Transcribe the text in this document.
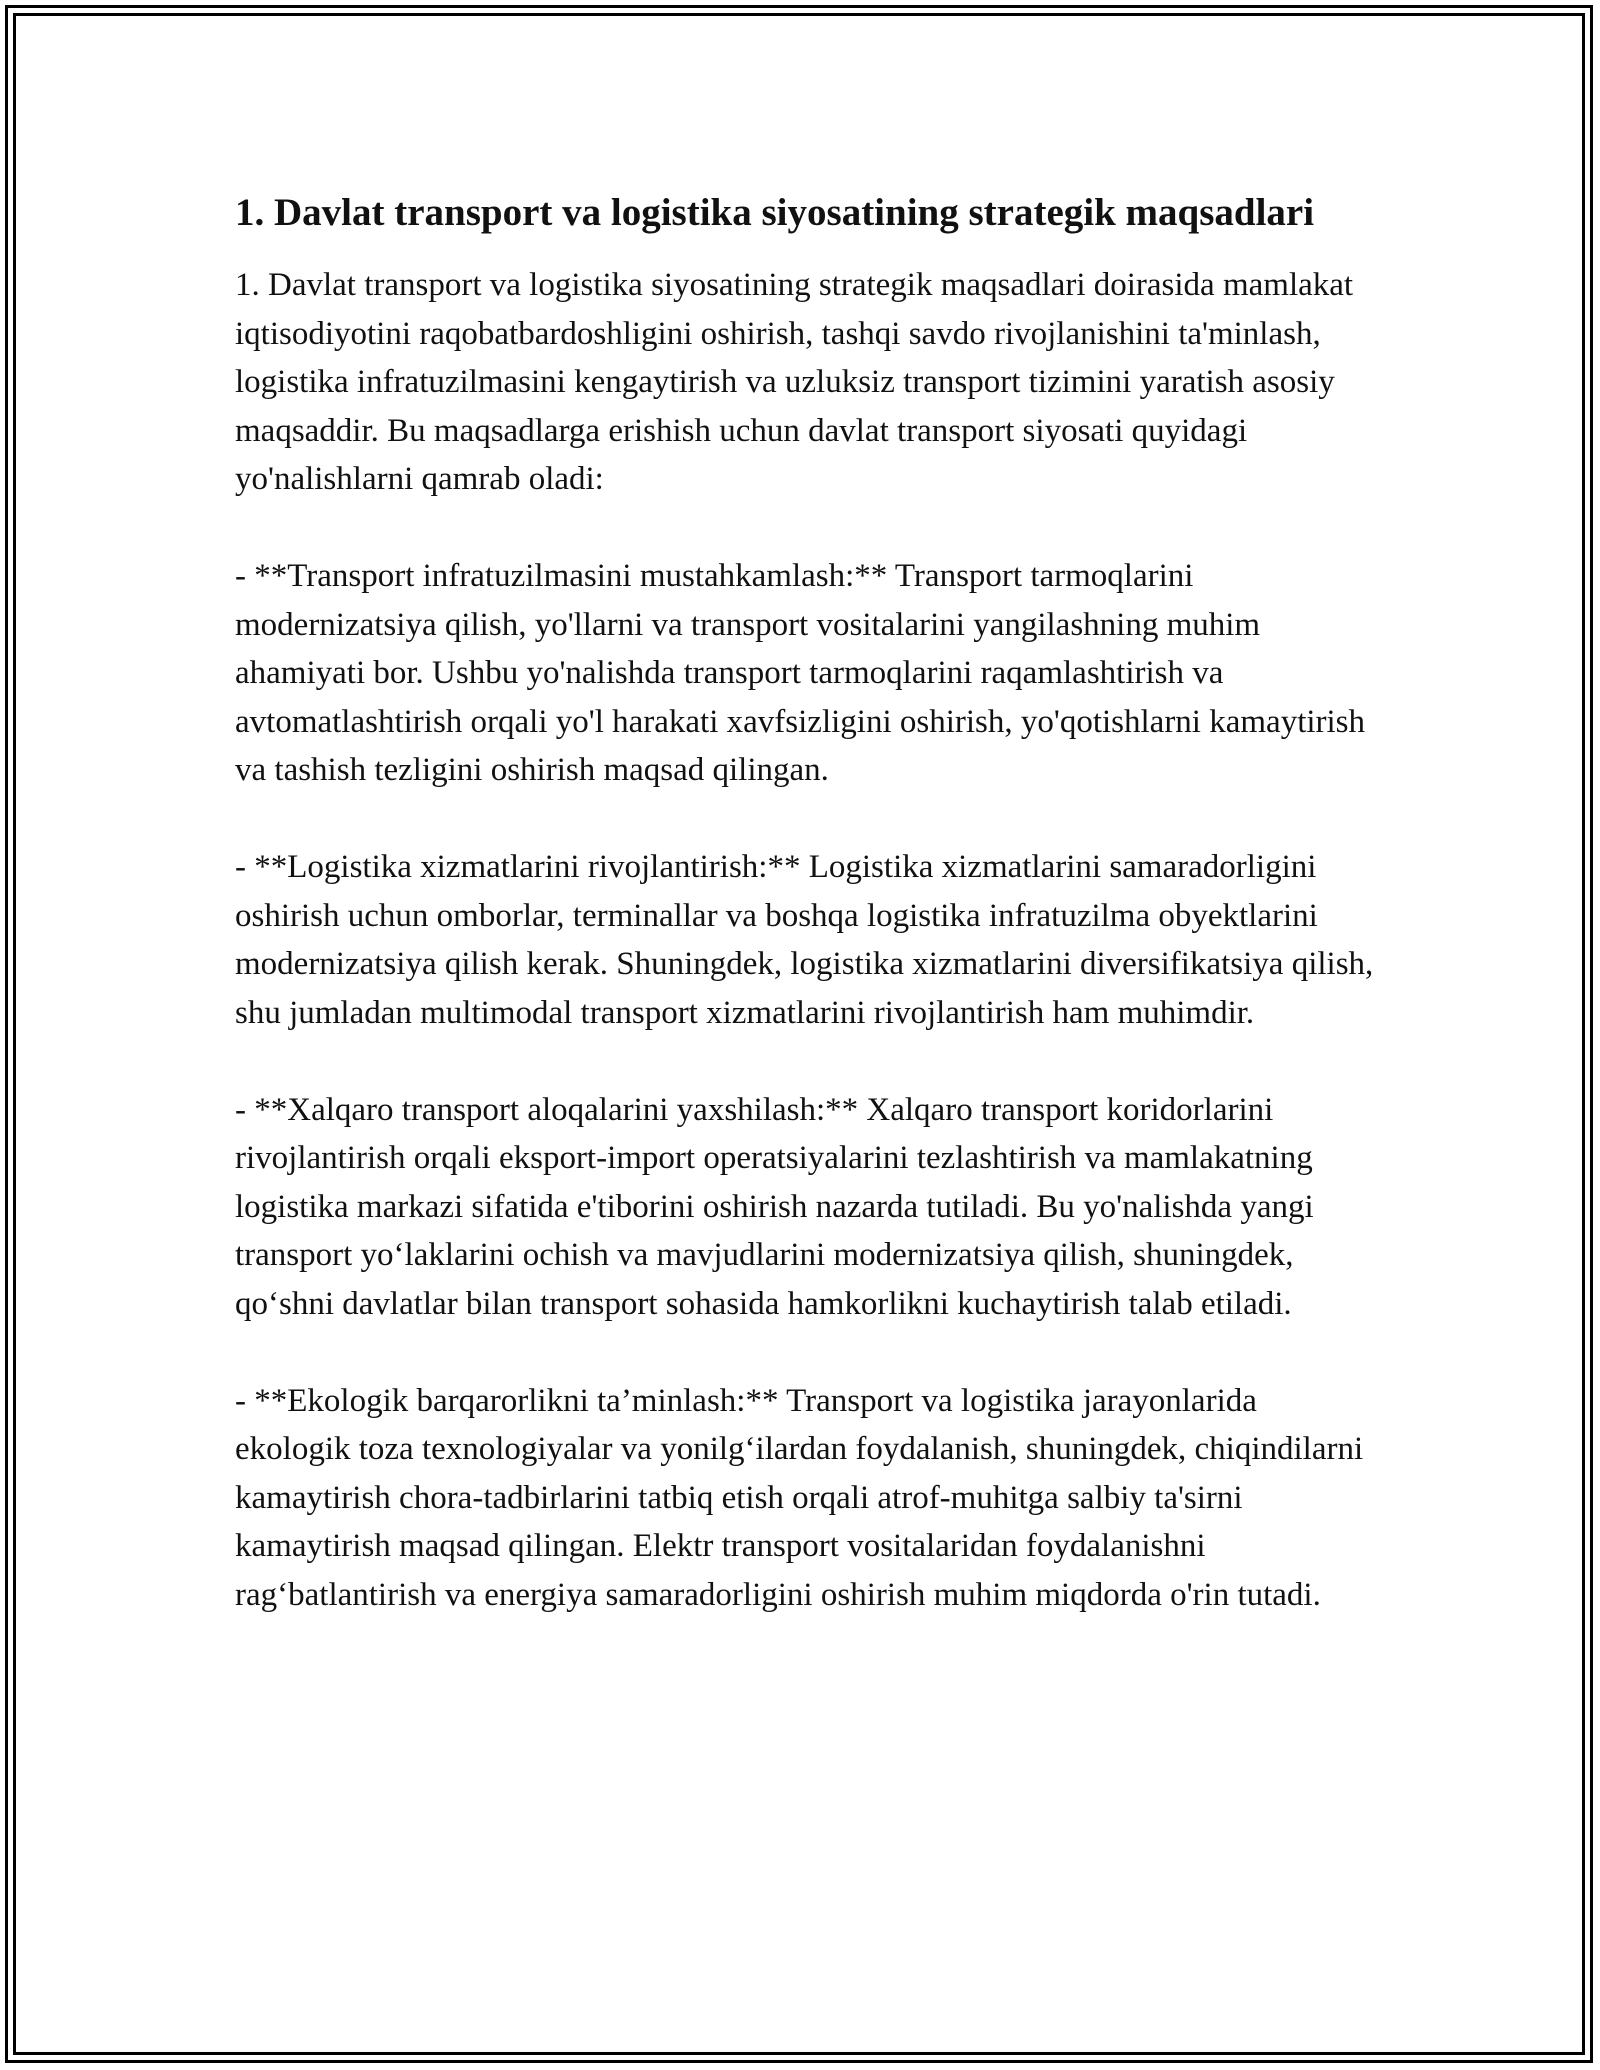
1. Davlat transport va logistika siyosatining strategik maqsadlari

1. Davlat transport va logistika siyosatining strategik maqsadlari doirasida mamlakat iqtisodiyotini raqobatbardoshligini oshirish, tashqi savdo rivojlanishini ta'minlash, logistika infratuzilmasini kengaytirish va uzluksiz transport tizimini yaratish asosiy maqsaddir. Bu maqsadlarga erishish uchun davlat transport siyosati quyidagi yo'nalishlarni qamrab oladi:

- **Transport infratuzilmasini mustahkamlash:** Transport tarmoqlarini modernizatsiya qilish, yo'llarni va transport vositalarini yangilashning muhim ahamiyati bor. Ushbu yo'nalishda transport tarmoqlarini raqamlashtirish va avtomatlashtirish orqali yo'l harakati xavfsizligini oshirish, yo'qotishlarni kamaytirish va tashish tezligini oshirish maqsad qilingan.

- **Logistika xizmatlarini rivojlantirish:** Logistika xizmatlarini samaradorligini oshirish uchun omborlar, terminallar va boshqa logistika infratuzilma obyektlarini modernizatsiya qilish kerak. Shuningdek, logistika xizmatlarini diversifikatsiya qilish, shu jumladan multimodal transport xizmatlarini rivojlantirish ham muhimdir.

- **Xalqaro transport aloqalarini yaxshilash:** Xalqaro transport koridorlarini rivojlantirish orqali eksport-import operatsiyalarini tezlashtirish va mamlakatning logistika markazi sifatida e'tiborini oshirish nazarda tutiladi. Bu yo'nalishda yangi transport yo‘laklarini ochish va mavjudlarini modernizatsiya qilish, shuningdek, qo‘shni davlatlar bilan transport sohasida hamkorlikni kuchaytirish talab etiladi.

- **Ekologik barqarorlikni ta’minlash:** Transport va logistika jarayonlarida ekologik toza texnologiyalar va yonilg‘ilardan foydalanish, shuningdek, chiqindilarni kamaytirish chora-tadbirlarini tatbiq etish orqali atrof-muhitga salbiy ta'sirni kamaytirish maqsad qilingan. Elektr transport vositalaridan foydalanishni rag‘batlantirish va energiya samaradorligini oshirish muhim miqdorda o'rin tutadi.
